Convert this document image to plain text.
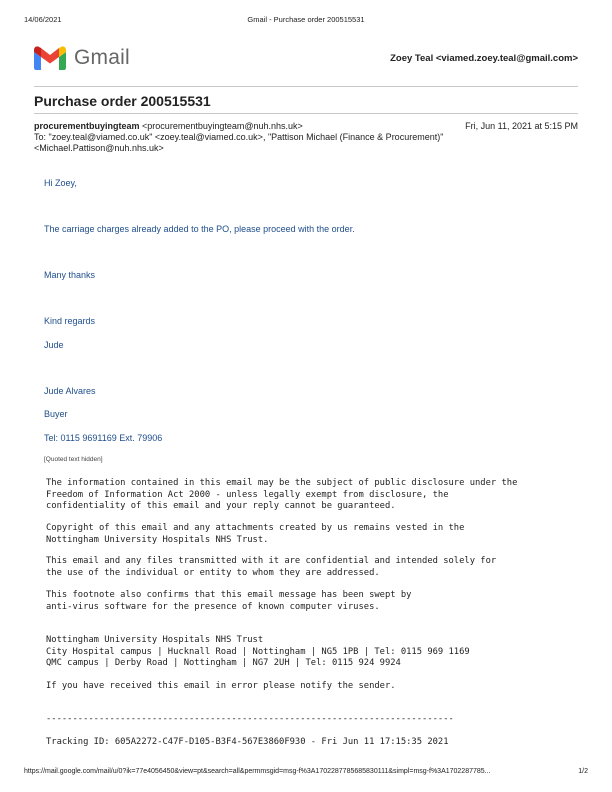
14/06/2021	Gmail - Purchase order 200515531
Gmail	Zoey Teal <viamed.zoey.teal@gmail.com>
Purchase order 200515531
procurementbuyingteam <procurementbuyingteam@nuh.nhs.uk>	Fri, Jun 11, 2021 at 5:15 PM
To: "zoey.teal@viamed.co.uk" <zoey.teal@viamed.co.uk>, "Pattison Michael (Finance & Procurement)"
<Michael.Pattison@nuh.nhs.uk>
Hi Zoey,
The carriage charges already added to the PO, please proceed with the order.
Many thanks
Kind regards
Jude
Jude Alvares
Buyer
Tel: 0115 9691169 Ext. 79906
[Quoted text hidden]
The information contained in this email may be the subject of public disclosure under the
Freedom of Information Act 2000 - unless legally exempt from disclosure, the
confidentiality of this email and your reply cannot be guaranteed.
Copyright of this email and any attachments created by us remains vested in the
Nottingham University Hospitals NHS Trust.
This email and any files transmitted with it are confidential and intended solely for
the use of the individual or entity to whom they are addressed.
This footnote also confirms that this email message has been swept by
anti-virus software for the presence of known computer viruses.
Nottingham University Hospitals NHS Trust
City Hospital campus | Hucknall Road | Nottingham | NG5 1PB | Tel: 0115 969 1169
QMC campus | Derby Road | Nottingham | NG7 2UH | Tel: 0115 924 9924
If you have received this email in error please notify the sender.
-----------------------------------------------------------------------------
Tracking ID: 605A2272-C47F-D105-B3F4-567E3860F930 - Fri Jun 11 17:15:35 2021
https://mail.google.com/mail/u/0?ik=77e4056450&view=pt&search=all&permmsgid=msg-f%3A1702287785685830111&simpl=msg-f%3A1702287785...	1/2
